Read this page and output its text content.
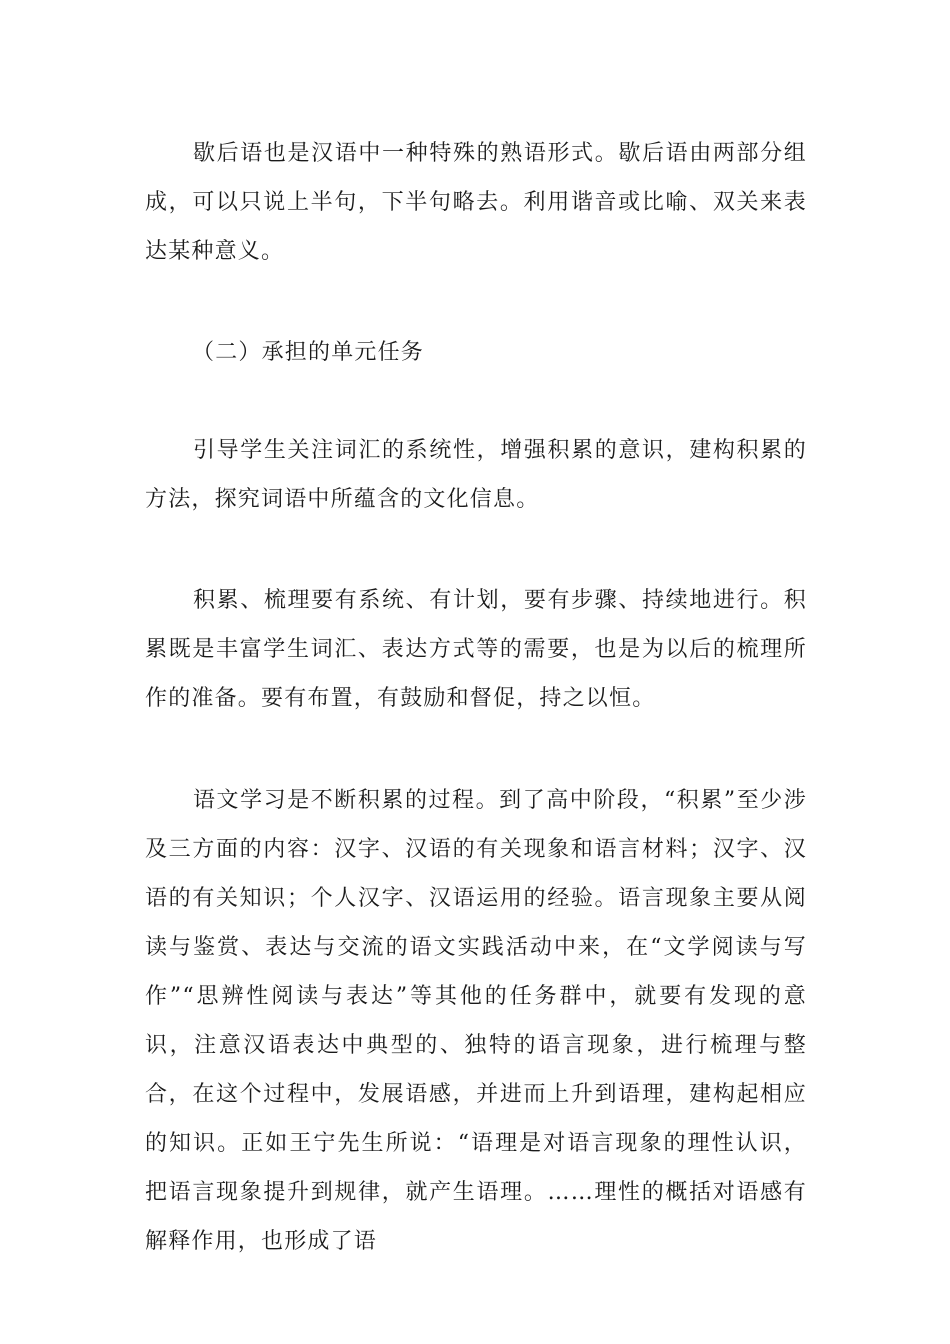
歇后语也是汉语中一种特殊的熟语形式。歇后语由两部分组成，可以只说上半句，下半句略去。利用谐音或比喻、双关来表达某种意义。

（二）承担的单元任务

引导学生关注词汇的系统性，增强积累的意识，建构积累的方法，探究词语中所蕴含的文化信息。

积累、梳理要有系统、有计划，要有步骤、持续地进行。积累既是丰富学生词汇、表达方式等的需要，也是为以后的梳理所作的准备。要有布置，有鼓励和督促，持之以恒。

语文学习是不断积累的过程。到了高中阶段，“积累”至少涉及三方面的内容：汉字、汉语的有关现象和语言材料；汉字、汉语的有关知识；个人汉字、汉语运用的经验。语言现象主要从阅读与鉴赏、表达与交流的语文实践活动中来，在“文学阅读与写作”“思辨性阅读与表达”等其他的任务群中，就要有发现的意识，注意汉语表达中典型的、独特的语言现象，进行梳理与整合，在这个过程中，发展语感，并进而上升到语理，建构起相应的知识。正如王宁先生所说：“语理是对语言现象的理性认识，把语言现象提升到规律，就产生语理。……理性的概括对语感有解释作用，也形成了语
